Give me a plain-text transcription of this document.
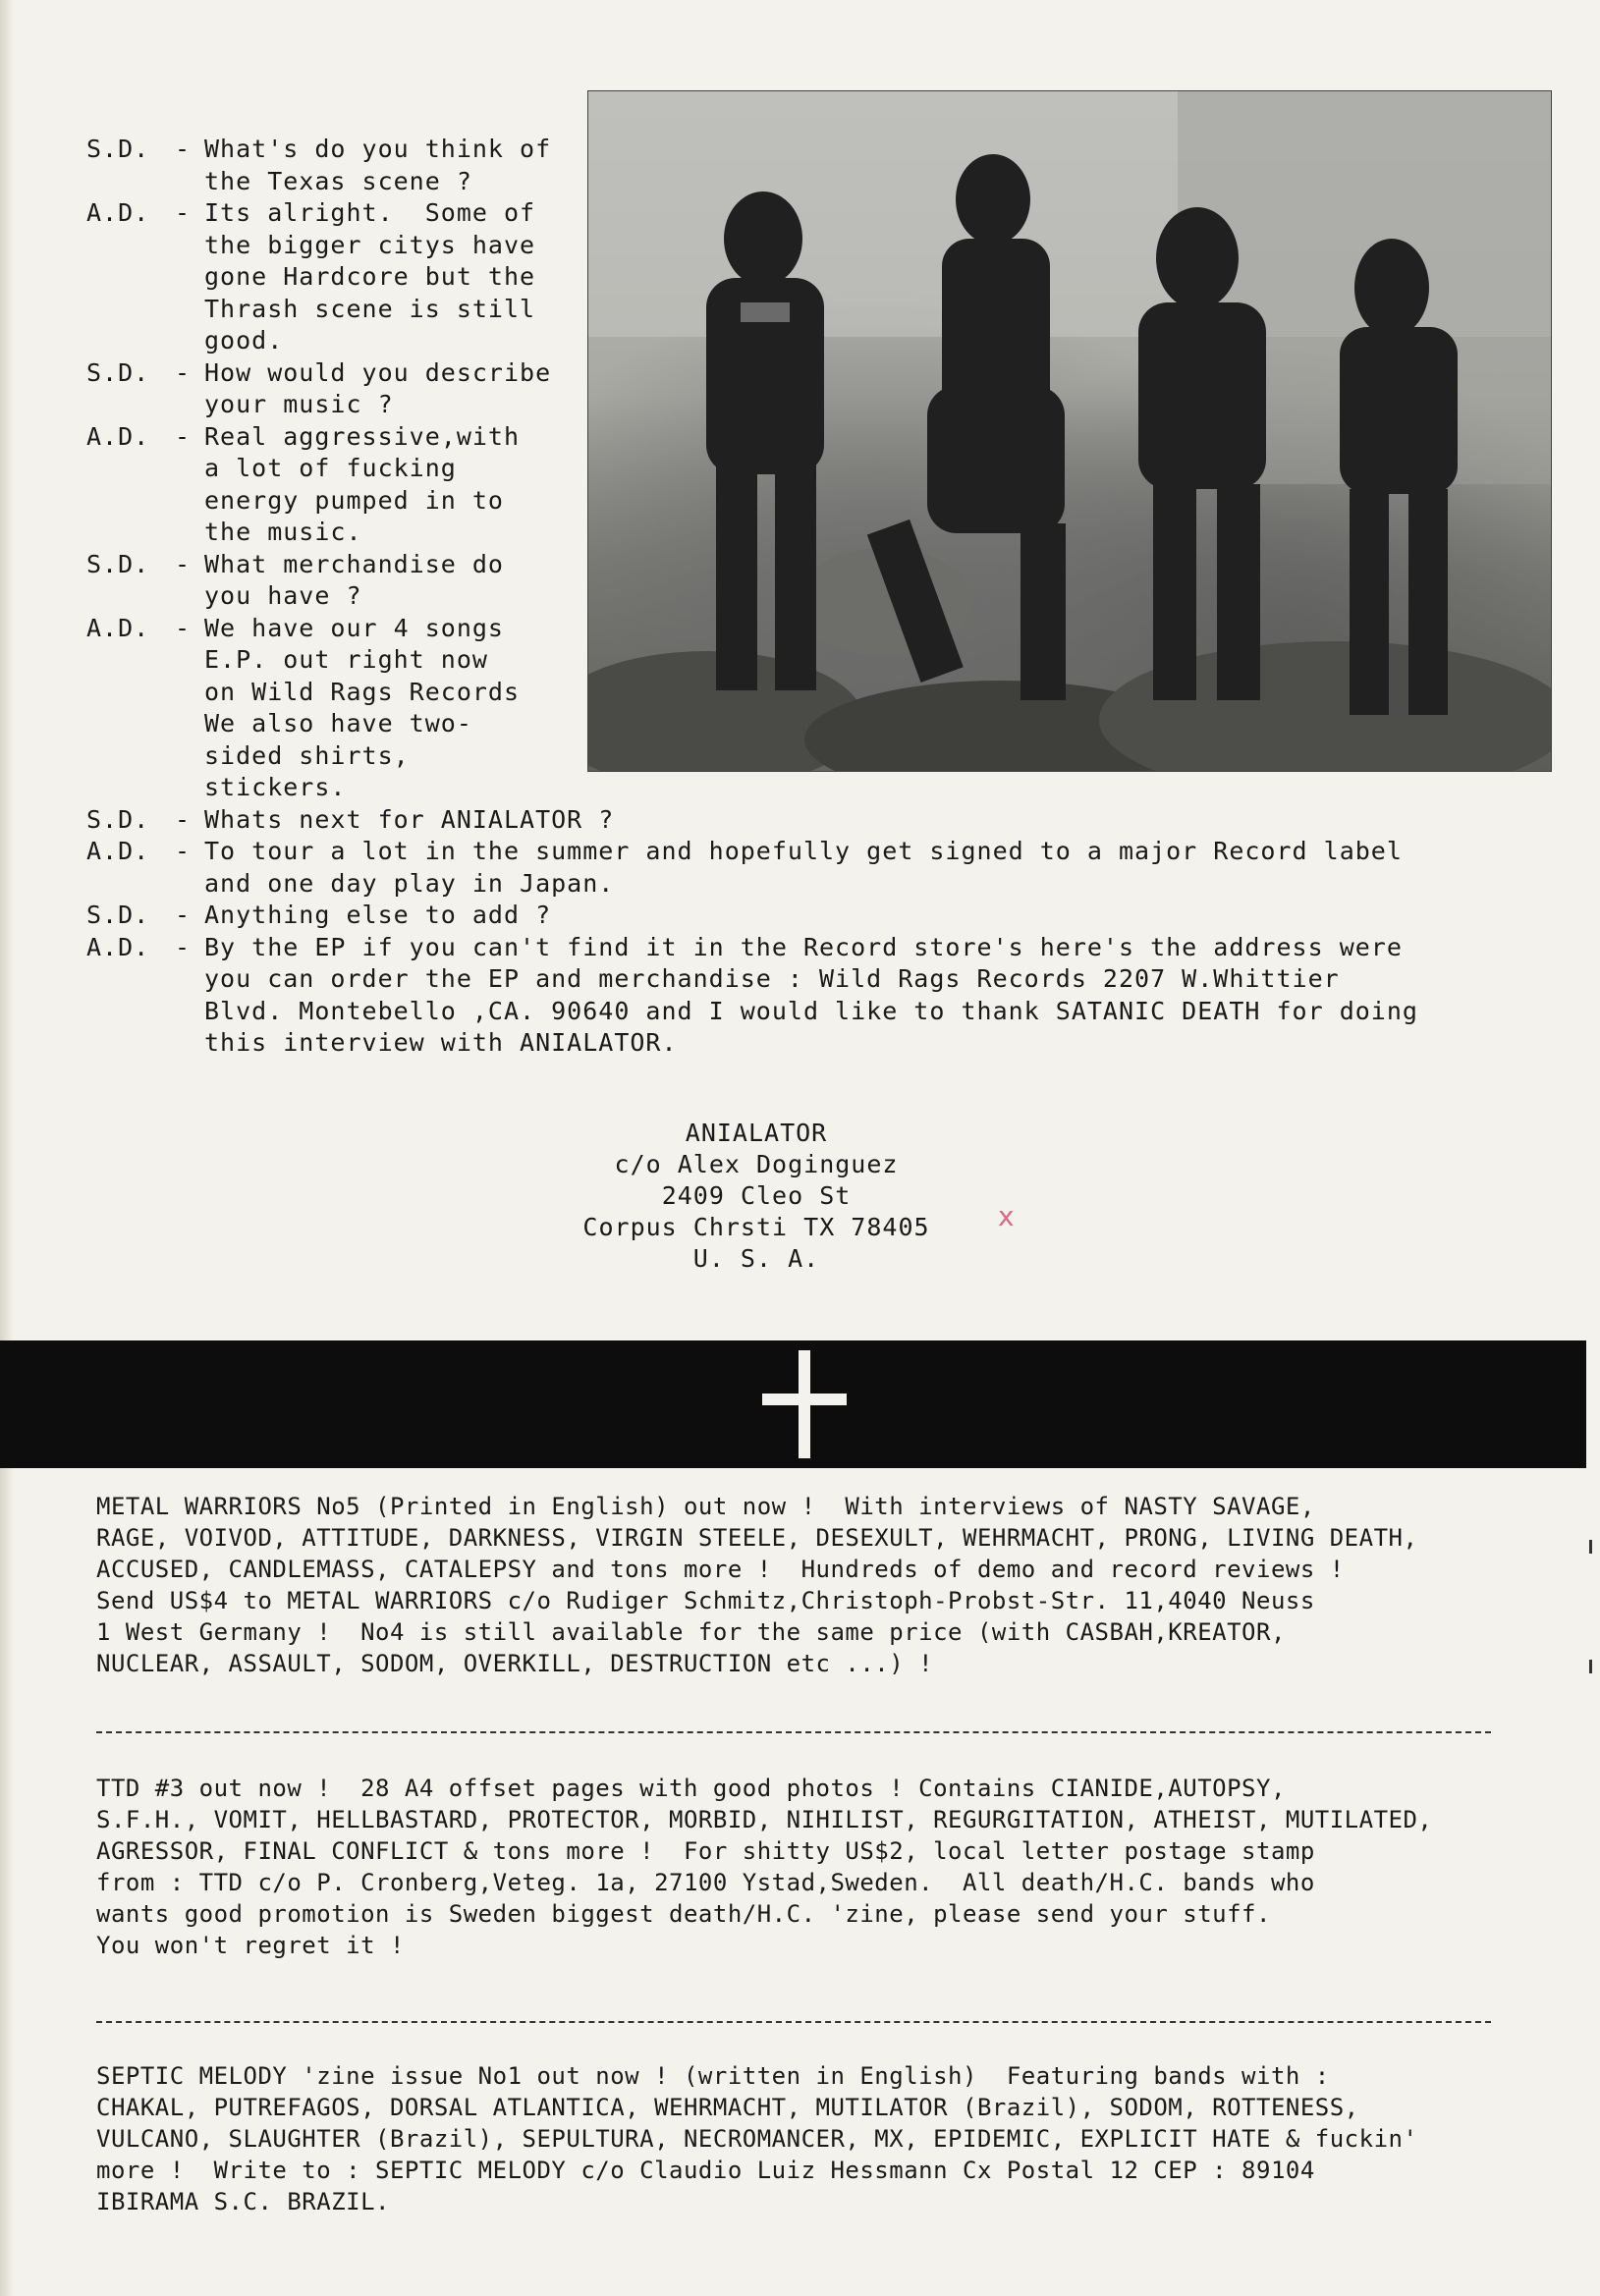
S.D.	- What's do you think of
the Texas scene ?
A.D.	- Its alright.  Some of
the bigger citys have
gone Hardcore but the
Thrash scene is still
good.
S.D.	- How would you describe
your music ?
A.D.	- Real aggressive,with
a lot of fucking
energy pumped in to
the music.
S.D.	- What merchandise do
you have ?
A.D.	- We have our 4 songs
E.P. out right now
on Wild Rags Records
We also have two-
sided shirts,
stickers.
S.D.	- Whats next for ANIALATOR ?
A.D.	- To tour a lot in the summer and hopefully get signed to a major Record label
and one day play in Japan.
S.D.	- Anything else to add ?
A.D.	- By the EP if you can't find it in the Record store's here's the address were
you can order the EP and merchandise : Wild Rags Records 2207 W.Whittier
Blvd. Montebello ,CA. 90640 and I would like to thank SATANIC DEATH for doing
this interview with ANIALATOR.
ANIALATOR
c/o Alex Doginguez
2409 Cleo St
Corpus Chrsti TX 78405
U. S. A.
x
METAL WARRIORS No5 (Printed in English) out now !  With interviews of NASTY SAVAGE,
RAGE, VOIVOD, ATTITUDE, DARKNESS, VIRGIN STEELE, DESEXULT, WEHRMACHT, PRONG, LIVING DEATH,
ACCUSED, CANDLEMASS, CATALEPSY and tons more !  Hundreds of demo and record reviews !
Send US$4 to METAL WARRIORS c/o Rudiger Schmitz,Christoph-Probst-Str. 11,4040 Neuss
1 West Germany !  No4 is still available for the same price (with CASBAH,KREATOR,
NUCLEAR, ASSAULT, SODOM, OVERKILL, DESTRUCTION etc ...) !
TTD #3 out now !  28 A4 offset pages with good photos ! Contains CIANIDE,AUTOPSY,
S.F.H., VOMIT, HELLBASTARD, PROTECTOR, MORBID, NIHILIST, REGURGITATION, ATHEIST, MUTILATED,
AGRESSOR, FINAL CONFLICT & tons more !  For shitty US$2, local letter postage stamp
from : TTD c/o P. Cronberg,Veteg. 1a, 27100 Ystad,Sweden.  All death/H.C. bands who
wants good promotion is Sweden biggest death/H.C. 'zine, please send your stuff.
You won't regret it !
SEPTIC MELODY 'zine issue No1 out now ! (written in English)  Featuring bands with :
CHAKAL, PUTREFAGOS, DORSAL ATLANTICA, WEHRMACHT, MUTILATOR (Brazil), SODOM, ROTTENESS,
VULCANO, SLAUGHTER (Brazil), SEPULTURA, NECROMANCER, MX, EPIDEMIC, EXPLICIT HATE & fuckin'
more !  Write to : SEPTIC MELODY c/o Claudio Luiz Hessmann Cx Postal 12 CEP : 89104
IBIRAMA S.C. BRAZIL.
